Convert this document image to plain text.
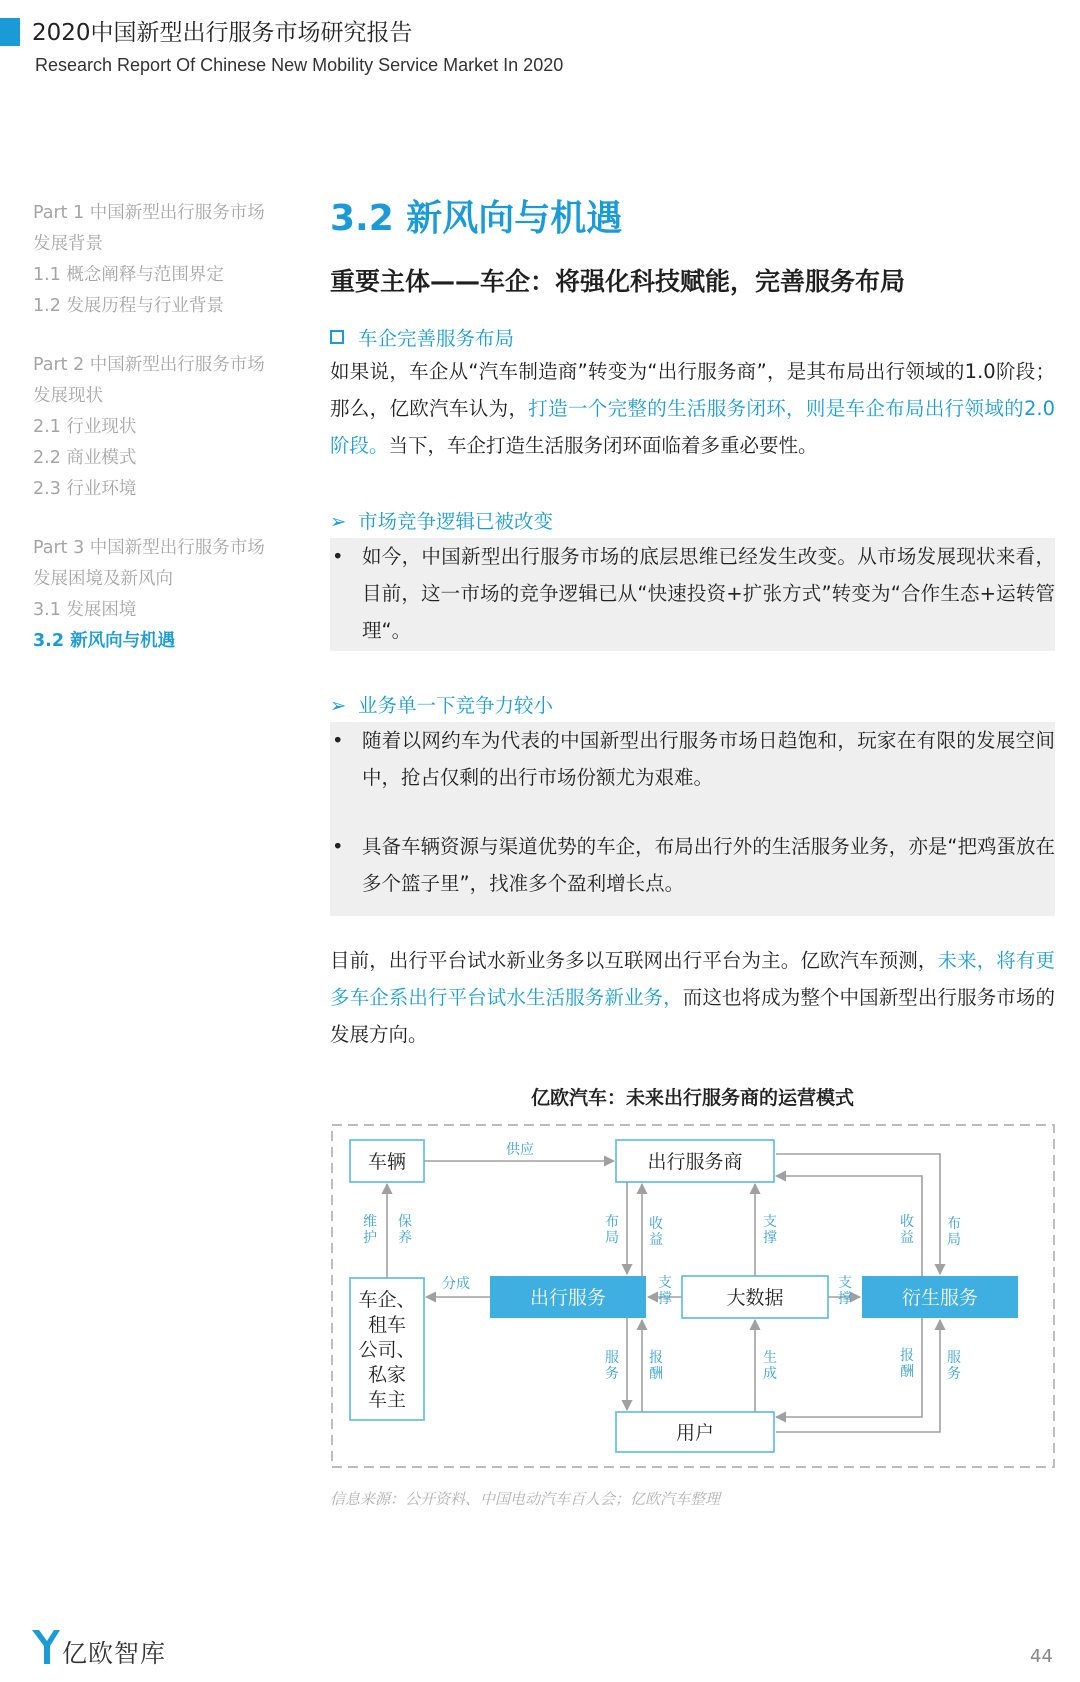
2020中国新型出行服务市场研究报告
Research Report Of Chinese New Mobility Service Market In 2020
Part 1 中国新型出行服务市场
发展背景
1.1 概念阐释与范围界定
1.2 发展历程与行业背景
Part 2 中国新型出行服务市场
发展现状
2.1 行业现状
2.2 商业模式
2.3 行业环境
Part 3 中国新型出行服务市场
发展困境及新风向
3.1 发展困境
3.2 新风向与机遇
3.2 新风向与机遇
重要主体——车企：将强化科技赋能，完善服务布局
车企完善服务布局
如果说，车企从“汽车制造商”转变为“出行服务商”，是其布局出行领域的1.0阶段；那么，亿欧汽车认为，打造一个完整的生活服务闭环，则是车企布局出行领域的2.0阶段。当下，车企打造生活服务闭环面临着多重必要性。
➢ 市场竞争逻辑已被改变
• 如今，中国新型出行服务市场的底层思维已经发生改变。从市场发展现状来看，目前，这一市场的竞争逻辑已从“快速投资+扩张方式”转变为“合作生态+运转管理“。
➢ 业务单一下竞争力较小
• 随着以网约车为代表的中国新型出行服务市场日趋饱和，玩家在有限的发展空间中，抢占仅剩的出行市场份额尤为艰难。
• 具备车辆资源与渠道优势的车企，布局出行外的生活服务业务，亦是“把鸡蛋放在多个篮子里”，找准多个盈利增长点。
目前，出行平台试水新业务多以互联网出行平台为主。亿欧汽车预测，未来，将有更多车企系出行平台试水生活服务新业务，而这也将成为整个中国新型出行服务市场的发展方向。
亿欧汽车：未来出行服务商的运营模式
车辆	出行服务商
车企、
租车
公司、
私家
车主
出行服务	大数据	衍生服务
用户
供应
分成
维
护
保
养
布
局
收
益
支
撑
收
益
布
局
支
撑
支
撑
服
务
报
酬
生
成
报
酬
服
务
信息来源：公开资料、中国电动汽车百人会；亿欧汽车整理
亿欧智库	44
